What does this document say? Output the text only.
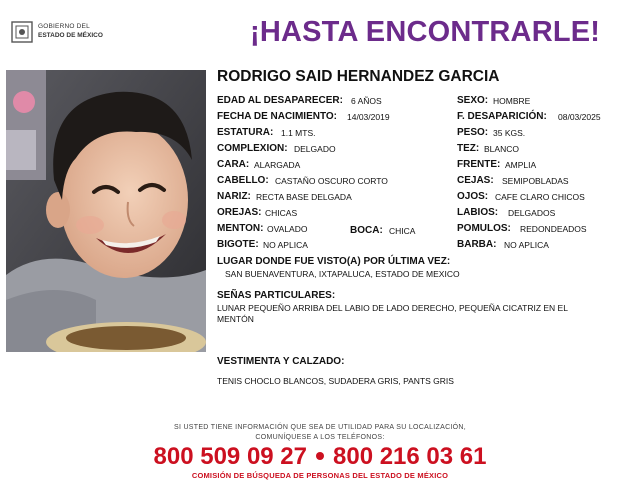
GOBIERNO DEL
ESTADO DE MÉXICO	¡HASTA ENCONTRARLE!
RODRIGO SAID HERNANDEZ GARCIA
EDAD AL DESAPARECER: 6 AÑOS
FECHA DE NACIMIENTO: 14/03/2019
ESTATURA: 1.1 MTS.
COMPLEXION: DELGADO
CARA: ALARGADA
CABELLO: CASTAÑO OSCURO CORTO
NARIZ: RECTA BASE DELGADA
OREJAS: CHICAS
MENTON: OVALADO	BOCA: CHICA
BIGOTE: NO APLICA
SEXO: HOMBRE
F. DESAPARICIÓN: 08/03/2025
PESO: 35 KGS.
TEZ: BLANCO
FRENTE: AMPLIA
CEJAS: SEMIPOBLADAS
OJOS: CAFE CLARO CHICOS
LABIOS: DELGADOS
POMULOS: REDONDEADOS
BARBA: NO APLICA
LUGAR DONDE FUE VISTO(A) POR ÚLTIMA VEZ:
SAN BUENAVENTURA, IXTAPALUCA, ESTADO DE MEXICO
SEÑAS PARTICULARES:
LUNAR PEQUEÑO ARRIBA DEL LABIO DE LADO DERECHO, PEQUEÑA CICATRIZ EN EL
MENTÓN
VESTIMENTA Y CALZADO:
TENIS CHOCLO BLANCOS, SUDADERA GRIS, PANTS GRIS
SI USTED TIENE INFORMACIÓN QUE SEA DE UTILIDAD PARA SU LOCALIZACIÓN,
COMUNÍQUESE A LOS TELÉFONOS:
800 509 09 27 800 216 03 61
COMISIÓN DE BÚSQUEDA DE PERSONAS DEL ESTADO DE MÉXICO
